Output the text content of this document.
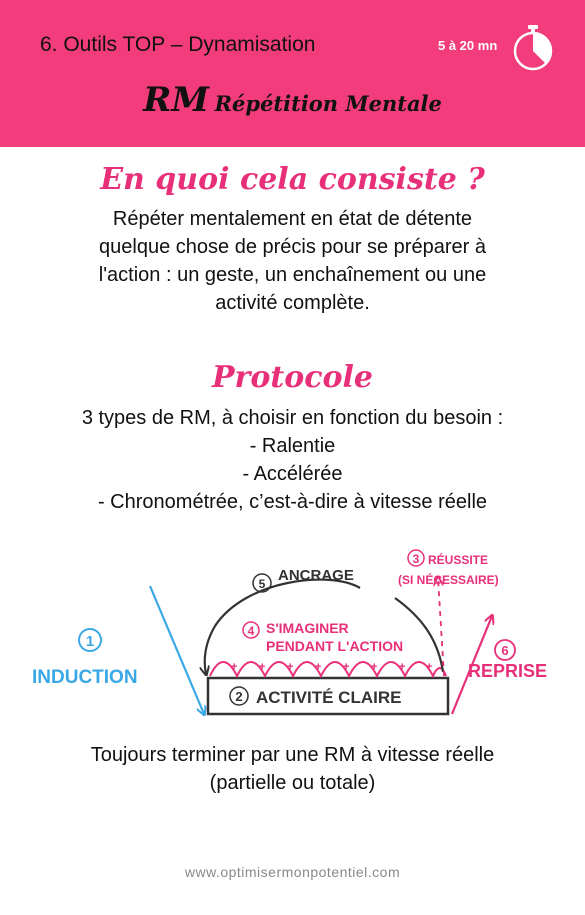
6. Outils TOP – Dynamisation	5 à 20 mn
RM Répétition Mentale
En quoi cela consiste ?
Répéter mentalement en état de détente
quelque chose de précis pour se préparer à
l'action : un geste, un enchaînement ou une
activité complète.
Protocole
3 types de RM, à choisir en fonction du besoin :
- Ralentie
- Accélérée
- Chronométrée, c’est-à-dire à vitesse réelle
2 ACTIVITÉ CLAIRE
+ + + + + + + +
4 S'IMAGINER
PENDANT L'ACTION
5 ANCRAGE
3 RÉUSSITE
(SI NÉCESSAIRE)
1
INDUCTION
6
REPRISE
Toujours terminer par une RM à vitesse réelle
(partielle ou totale)
www.optimisermonpotentiel.com
